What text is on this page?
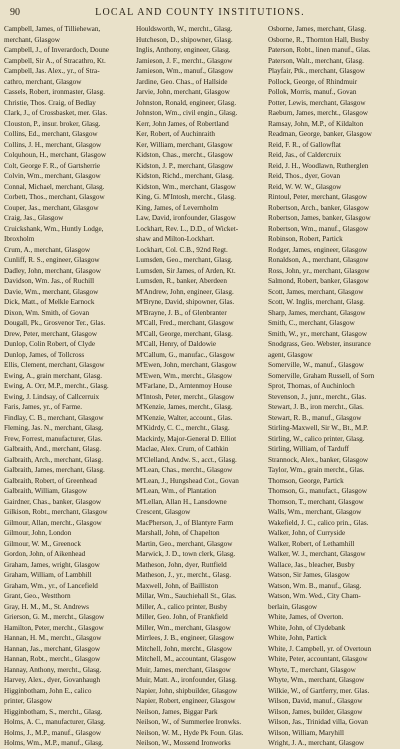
90	LOCAL AND COUNTY INSTITUTIONS.
Campbell, James, of Tilliehewan,
merchant, Glasgow
Campbell, J., of Inverardoch, Doune
Campbell, Sir A., of Stracathro, Kt.
Campbell, Jas. Alex., yr., of Stra-
cathro, merchant, Glasgow
Cassels, Robert, ironmaster, Glasg.
Christie, Thos. Craig, of Bedlay
Clark, J., of Crossbasket, mer. Glas.
Clouston, P., insur. broker, Glasg.
Collins, Ed., merchant, Glasgow
Collins, J. H., merchant, Glasgow
Colquhoun, H., merchant, Glasgow
Colt, George F. R., of Gartsherrie
Colvin, Wm., merchant, Glasgow
Connal, Michael, merchant, Glasg.
Corbett, Thos., merchant, Glasgow
Couper, Jas., merchant, Glasgow
Craig, Jas., Glasgow
Cruickshank, Wm., Huntly Lodge,
Ibroxholm
Crum, A., merchant, Glasgow
Cunliff, R. S., engineer, Glasgow
Dadley, John, merchant, Glasgow
Davidson, Wm. Jas., of Ruchill
Davie, Wm., merchant, Glasgow
Dick, Matt., of Melkle Earnock
Dixon, Wm. Smith, of Govan
Dougall, Pk., Grosvenor Ter., Glas.
Drew, Peter, merchant, Glasgow
Dunlop, Colin Robert, of Clyde
Dunlop, James, of Tollcross
Ellis, Clement, merchant, Glasgow
Ewing, A., grain merchant, Glasg.
Ewing, A. Orr, M.P., mercht., Glasg.
Ewing, J. Lindsay, of Callcerruix
Faris, James, yr., of Farme.
Findlay, C. B., merchant, Glasgow
Fleming, Jas. N., merchant, Glasg.
Frew, Forrest, manufacturer, Glas.
Galbraith, And., merchant, Glasg.
Galbraith, Arch., merchant, Glasg.
Galbraith, James, merchant, Glasg.
Galbraith, Robert, of Greenhead
Galbraith, William, Glasgow
Gairdner, Chas., banker, Glasgow
Gilkison, Robt., merchant, Glasgow
Gilmour, Allan, mercht., Glasgow
Gilmour, John, London
Gilmour, W. M., Greenock
Gordon, John, of Aikenhead
Graham, James, wright, Glasgow
Graham, William, of Lambhill
Graham, Wm., yr., of Lancefield
Grant, Geo., Westthorn
Gray, H. M., M., St. Andrews
Grierson, G. M., mercht., Glasgow
Hamilton, Peter, mercht., Glasgow
Hannan, H. M., mercht., Glasgow
Hannan, Jas., merchant, Glasgow
Hannan, Robt., mercht., Glasgow
Hannay, Anthony, mercht., Glasg.
Harvey, Alex., dyer, Govanhaugh
Higginbotham, John E., calico
printer, Glasgow
Higginbotham, S., mercht., Glasg.
Holms, A. C., manufacturer, Glasg.
Holms, J., M.P., manuf., Glasgow
Holms, Wm., M.P., manuf., Glasg.
Houldsworth, W., mercht., Glasg.
Hutcheson, D., shipowner, Glasg.
Inglis, Anthony, engineer, Glasg.
Jamieson, J. F., mercht., Glasgow
Jamieson, Wm., manuf., Glasgow
Jardine, Geo. Chas., of Hallside
Jarvie, John, merchant, Glasgow
Johnston, Ronald, engineer, Glasg.
Johnston, Wm., civil engin., Glasg.
Kerr, John James, of Robertland
Ker, Robert, of Auchinraith
Ker, William, merchant, Glasgow
Kidston, Chas., mercht., Glasgow
Kidston, J. P., merchant, Glasgow
Kidston, Richd., merchant, Glasg.
Kidston, Wm., merchant, Glasgow
King, G. M'Intosh, mercht., Glasg.
King, James, of Levernholm
Law, David, ironfounder, Glasgow
Lockhart, Rev. L., D.D., of Wicket-
shaw and Milton-Lockhart.
Lockhart, Col. C.B., 92nd Regt.
Lumsden, Geo., merchant, Glasg.
Lumsden, Sir James, of Arden, Kt.
Lumsden, R., banker, Aberdeen
M'Andrew, John, engineer, Glasg.
M'Bryne, David, shipowner, Glas.
M'Brayne, J. B., of Glenbranter
M'Call, Fred., merchant, Glasgow
M'Call, George, merchant, Glasg.
M'Call, Henry, of Daldowie
M'Callum, G., manufac., Glasgow
M'Ewen, John, merchant, Glasgow
M'Ewen, Wm., mercht., Glasgow
M'Farlane, D., Arntenmoy House
M'Intosh, Peter, mercht., Glasgow
M'Kenzie, James, mercht., Glasg.
M'Kenzie, Walter, account., Glas.
M'Kidrdy, C. C., mercht., Glasg.
Mackirdy, Major-General D. Elliot
Maclae, Alex. Crum, of Cathkin
M'Clelland, Andw. S., acct., Glasg.
M'Lean, Chas., mercht., Glasgow
M'Lean, J., Hungshead Cot., Govan
M'Lean, Wm., of Plantation
M'Lellan, Allan H., Lansdowne
Crescent, Glasgow
MacPherson, J., of Blantyre Farm
Marshall, John, of Chapelton
Martin, Geo., merchant, Glasgow
Marwick, J. D., town clerk, Glasg.
Matheson, John, dyer, Ruttfield
Matheson, J., yr., mercht., Glasg.
Maxwell, John, of Bailliston
Millar, Wm., Sauchiehall St., Glas.
Miller, A., calico printer, Busby
Miller, Geo. John, of Frankfield
Miller, Wm., merchant, Glasgow
Mirrlees, J. B., engineer, Glasgow
Mitchell, John, mercht., Glasgow
Mitchell, M., accountant, Glasgow
Muir, James, merchant, Glasgow
Muir, Matt. A., ironfounder, Glasg.
Napier, John, shipbuilder, Glasgow
Napier, Robert, engineer, Glasgow
Neilson, James, Biggar Park
Neilson, W., of Summerlee Ironwks.
Neilson, W. M., Hyde Pk Foun. Glas.
Neilson, W., Mossend Ironworks
Osborne, James, merchant, Glasg.
Osborne, R., Thornton Hall, Busby
Paterson, Robt., linen manuf., Glas.
Paterson, Walt., merchant, Glasg.
Playfair, Ptk., merchant, Glasgow
Pollock, George, of Rhindmuir
Pollok, Morris, manuf., Govan
Potter, Lewis, merchant, Glasgow
Raeburn, James, mercht., Glasgow
Ramsay, John, M.P., of Kildalton
Readman, George, banker, Glasgow
Reid, F. R., of Gallowflat
Reid, Jas., of Caldercruix
Reid, J. H., Woodlawn, Rutherglen
Reid, Thos., dyer, Govan
Reid, W. W. W., Glasgow
Rintoul, Peter, merchant, Glasgow
Robertson, Arch., banker, Glasgow
Robertson, James, banker, Glasgow
Robertson, Wm., manuf., Glasgow
Robinson, Robert, Partick
Rodger, James, engineer, Glasgow
Ronaldson, A., merchant, Glasgow
Ross, John, yr., merchant, Glasgow
Salmond, Robert, banker, Glasgow
Scott, James, merchant, Glasgow
Scott, W. Inglis, merchant, Glasg.
Sharp, James, merchant, Glasgow
Smith, C., merchant, Glasgow
Smith, W., yr., merchant, Glasgow
Snodgrass, Geo. Webster, insurance
agent, Glasgow
Somerville, W., manuf., Glasgow
Somerville, Graham Russell, of Sorn
Sprot, Thomas, of Auchinloch
Stevenson, J., junr., mercht., Glas.
Stewart, J. B., iron mercht., Glas.
Stewart, R. B., manuf., Glasgow
Stirling-Maxwell, Sir W., Bt., M.P.
Stirling, W., calico printer, Glasg.
Stirling, William, of Tarduff
Strannock, Alex., banker, Glasgow
Taylor, Wm., grain mercht., Glas.
Thomson, George, Partick
Thomson, G., manufact., Glasgow
Thomson, T., merchant, Glasgow
Walls, Wm., merchant, Glasgow
Wakefield, J. C., calico prin., Glas.
Walker, John, of Curryside
Walker, Robert, of Lethamhill
Walker, W. J., merchant, Glasgow
Wallace, Jas., bleacher, Busby
Watson, Sir James, Glasgow
Watson, Wm. B., manuf., Glasg.
Watson, Wm. Wed., City Cham-
berlain, Glasgow
White, James, of Overton.
White, John, of Clydebank
White, John, Partick
White, J. Campbell, yr. of Overtoun
White, Peter, accountant, Glasgow
Whyte, T., merchant, Glasgow
Whyte, Wm., merchant, Glasgow
Wilkie, W., of Gartferry, mer. Glas.
Wilson, David, manuf., Glasgow
Wilson, James, builder, Glasgow
Wilson, Jas., Trinidad villa, Govan
Wilson, William, Maryhill
Wright, J. A., merchant, Glasgow
